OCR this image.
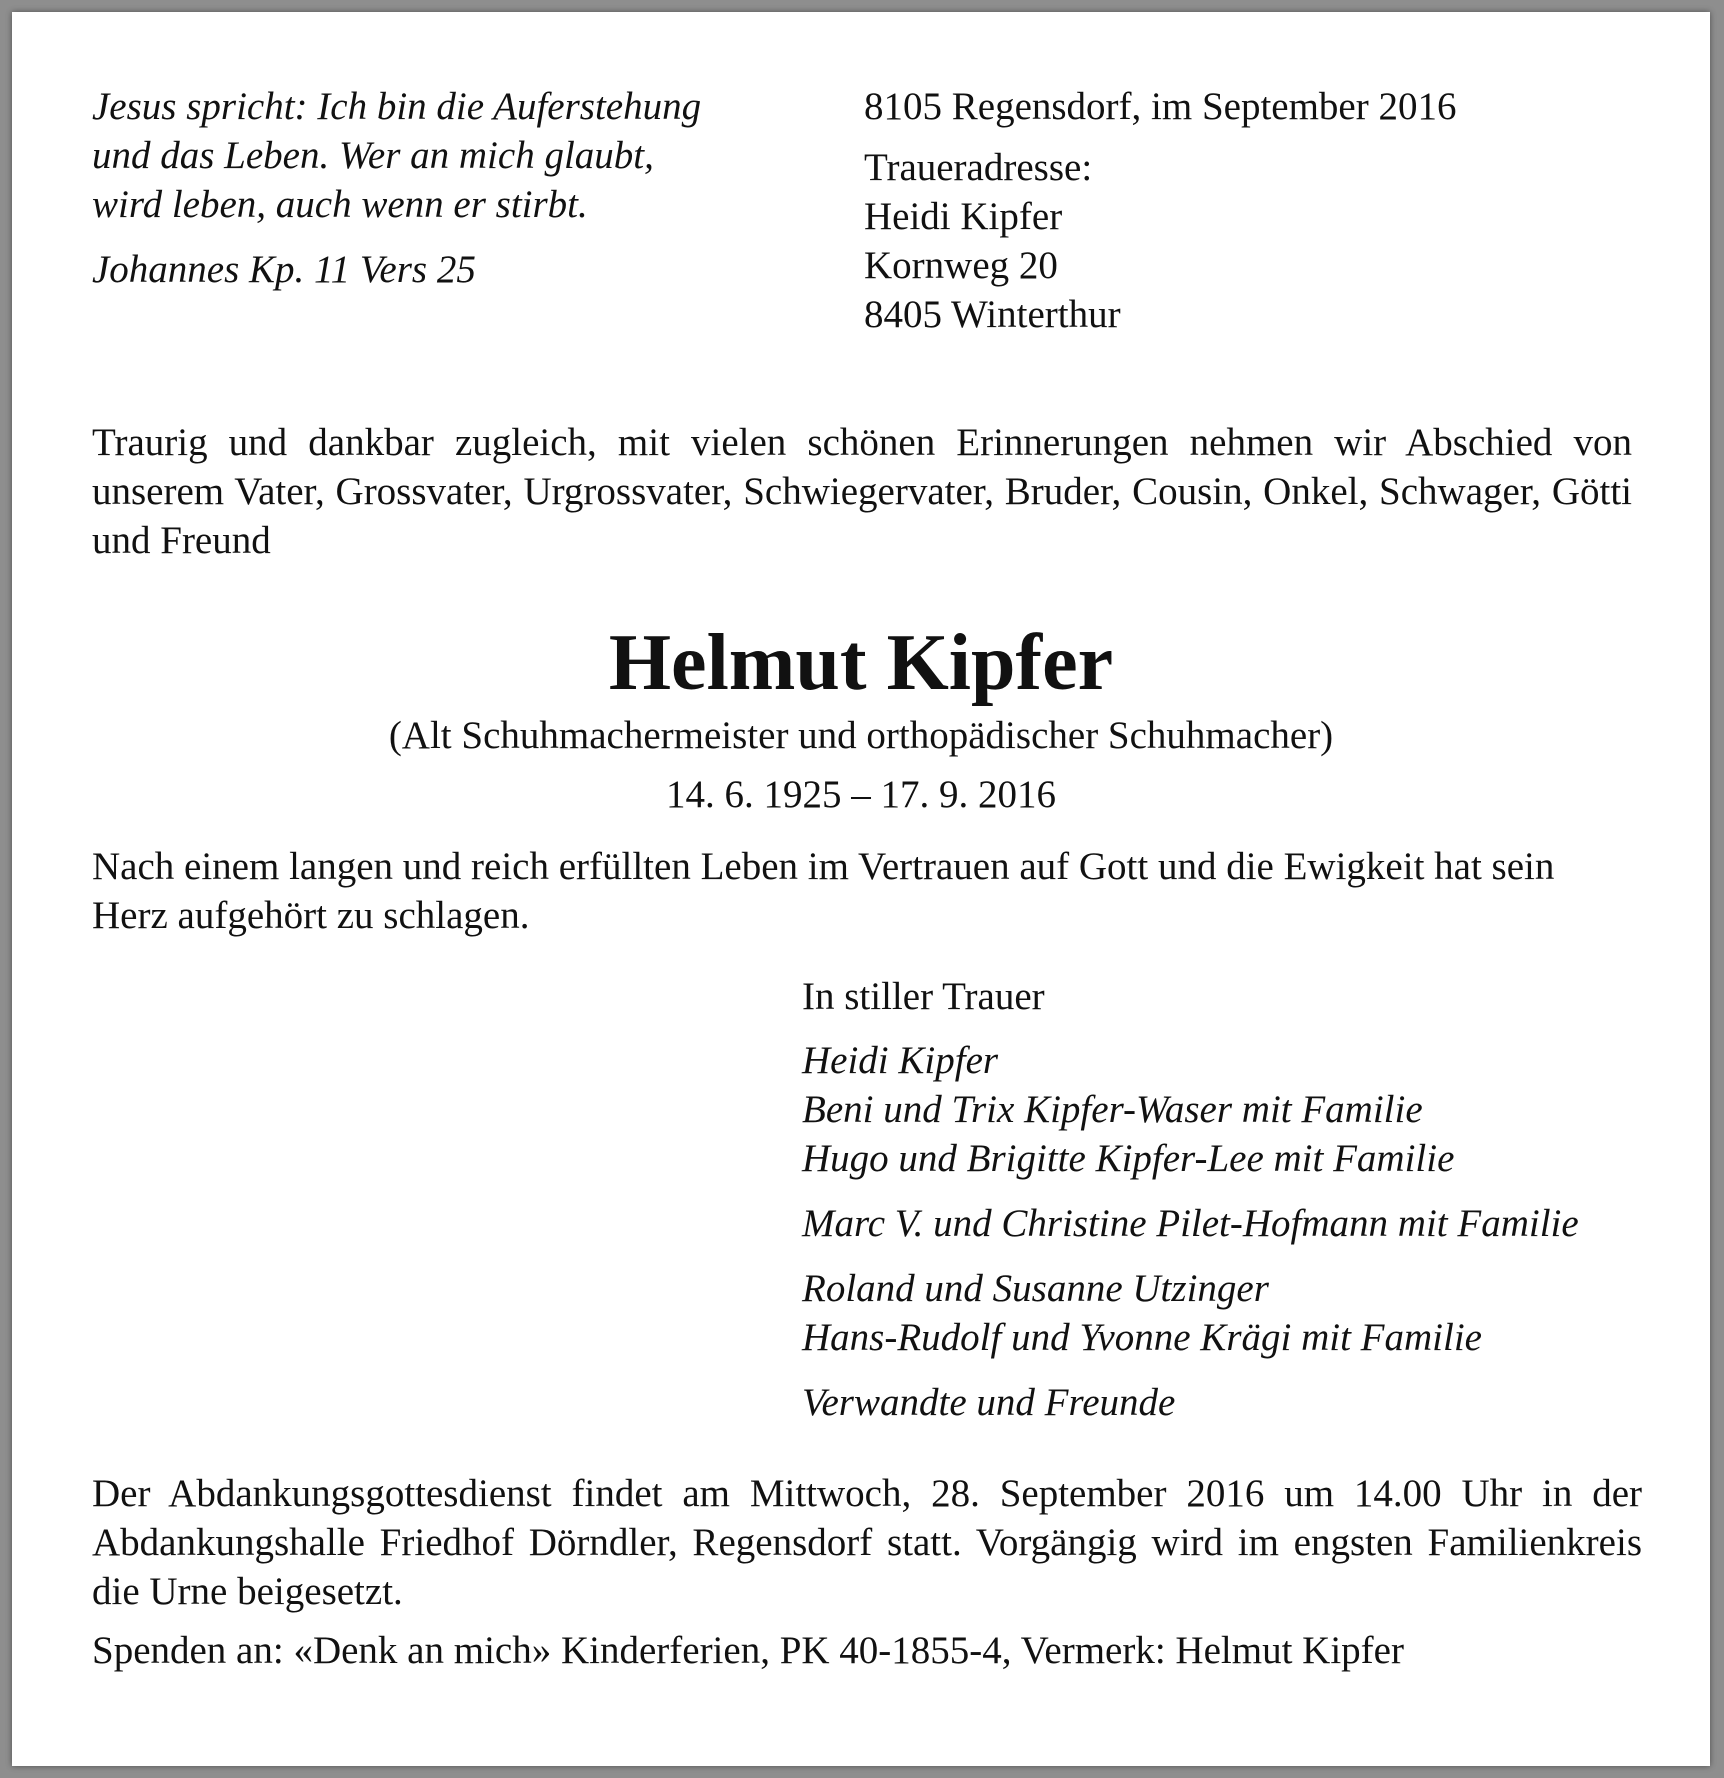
Jesus spricht: Ich bin die Auferstehung
und das Leben. Wer an mich glaubt,
wird leben, auch wenn er stirbt.
Johannes Kp. 11 Vers 25
8105 Regensdorf, im September 2016
Traueradresse:
Heidi Kipfer
Kornweg 20
8405 Winterthur

Traurig und dankbar zugleich, mit vielen schönen Erinnerungen nehmen wir Abschied von unserem Vater, Grossvater, Urgrossvater, Schwiegervater, Bruder, Cousin, Onkel, Schwager, Götti und Freund

Helmut Kipfer
(Alt Schuhmachermeister und orthopädischer Schuhmacher)
14. 6. 1925 – 17. 9. 2016

Nach einem langen und reich erfüllten Leben im Vertrauen auf Gott und die Ewigkeit hat sein Herz aufgehört zu schlagen.

In stiller Trauer
Heidi Kipfer
Beni und Trix Kipfer-Waser mit Familie
Hugo und Brigitte Kipfer-Lee mit Familie
Marc V. und Christine Pilet-Hofmann mit Familie
Roland und Susanne Utzinger
Hans-Rudolf und Yvonne Krägi mit Familie
Verwandte und Freunde

Der Abdankungsgottesdienst findet am Mittwoch, 28. September 2016 um 14.00 Uhr in der Abdankungshalle Friedhof Dörndler, Regensdorf statt. Vorgängig wird im engsten Familienkreis die Urne beigesetzt.

Spenden an: «Denk an mich» Kinderferien, PK 40-1855-4, Vermerk: Helmut Kipfer
